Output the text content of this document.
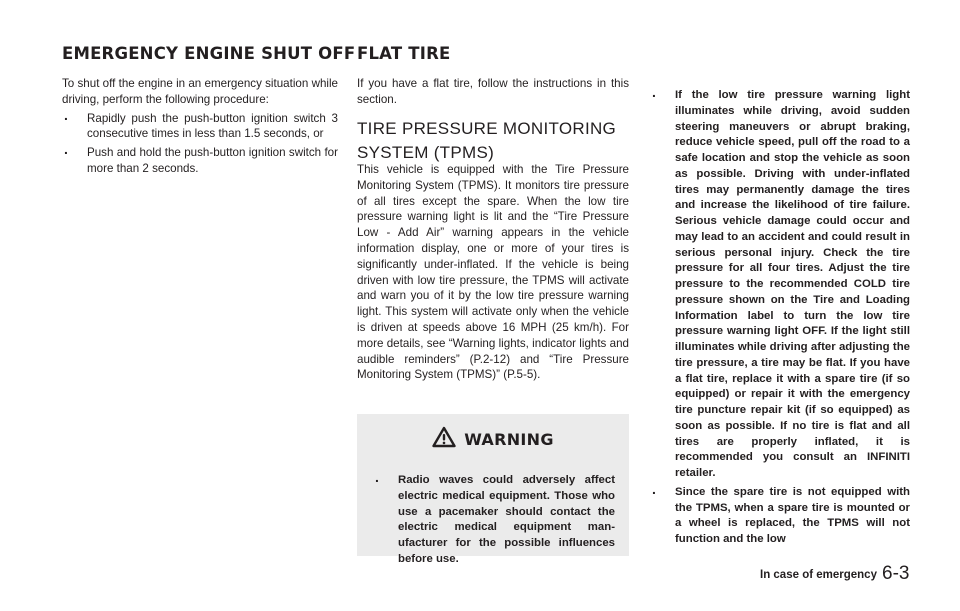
EMERGENCY ENGINE SHUT OFF

To shut off the engine in an emergency situation while driving, perform the following procedure:

. Rapidly push the push-button ignition switch 3 consecutive times in less than 1.5 seconds, or
. Push and hold the push-button ignition switch for more than 2 seconds.
FLAT TIRE

If you have a flat tire, follow the instructions in this section.

TIRE PRESSURE MONITORING SYSTEM (TPMS)

This vehicle is equipped with the Tire Pressure Monitoring System (TPMS). It monitors tire pressure of all tires except the spare. When the low tire pressure warning light is lit and the “Tire Pressure Low - Add Air” warning appears in the vehicle information display, one or more of your tires is significantly under-inflated. If the vehicle is being driven with low tire pressure, the TPMS will activate and warn you of it by the low tire pressure warning light. This system will activate only when the vehicle is driven at speeds above 16 MPH (25 km/h). For more details, see “Warning lights, indicator lights and audible reminders” (P.2-12) and “Tire Pressure Monitoring System (TPMS)” (P.5-5).

WARNING
. Radio waves could adversely affect electric medical equipment. Those who use a pacemaker should contact the electric medical equipment manufacturer for the possible influences before use.
. If the low tire pressure warning light illuminates while driving, avoid sudden steering maneuvers or abrupt braking, reduce vehicle speed, pull off the road to a safe location and stop the vehicle as soon as possible. Driving with under-inflated tires may permanently damage the tires and increase the likelihood of tire failure. Serious vehicle damage could occur and may lead to an accident and could result in serious personal injury. Check the tire pressure for all four tires. Adjust the tire pressure to the recommended COLD tire pressure shown on the Tire and Loading Information label to turn the low tire pressure warning light OFF. If the light still illuminates while driving after adjusting the tire pressure, a tire may be flat. If you have a flat tire, replace it with a spare tire (if so equipped) or repair it with the emergency tire puncture repair kit (if so equipped) as soon as possible. If no tire is flat and all tires are properly inflated, it is recommended you consult an INFINITI retailer.
. Since the spare tire is not equipped with the TPMS, when a spare tire is mounted or a wheel is replaced, the TPMS will not function and the low
In case of emergency 6-3
